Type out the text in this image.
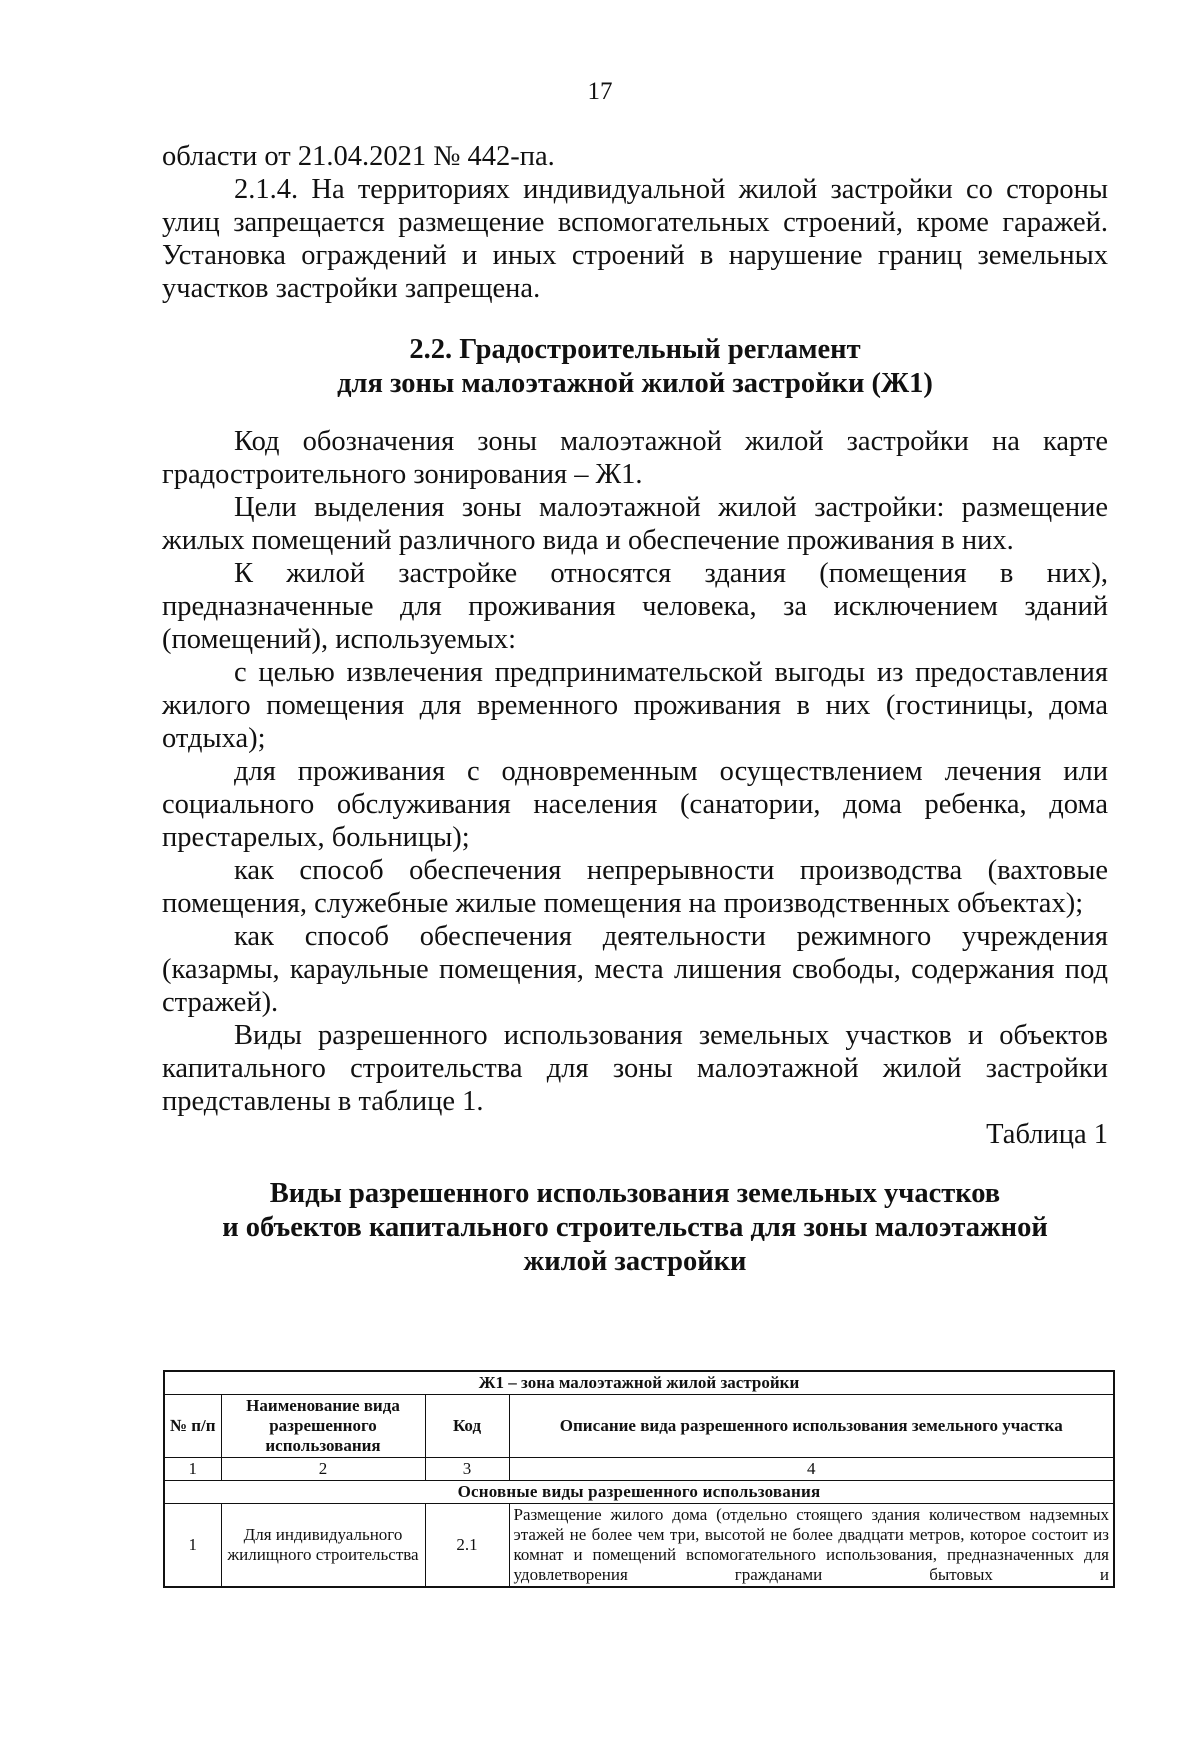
17

области от 21.04.2021 № 442-па.

2.1.4. На территориях индивидуальной жилой застройки со стороны улиц запрещается размещение вспомогательных строений, кроме гаражей. Установка ограждений и иных строений в нарушение границ земельных участков застройки запрещена.

2.2. Градостроительный регламент
для зоны малоэтажной жилой застройки (Ж1)

Код обозначения зоны малоэтажной жилой застройки на карте градостроительного зонирования – Ж1.

Цели выделения зоны малоэтажной жилой застройки: размещение жилых помещений различного вида и обеспечение проживания в них.

К жилой застройке относятся здания (помещения в них), предназначенные для проживания человека, за исключением зданий (помещений), используемых:

с целью извлечения предпринимательской выгоды из предоставления жилого помещения для временного проживания в них (гостиницы, дома отдыха);

для проживания с одновременным осуществлением лечения или социального обслуживания населения (санатории, дома ребенка, дома престарелых, больницы);

как способ обеспечения непрерывности производства (вахтовые помещения, служебные жилые помещения на производственных объектах);

как способ обеспечения деятельности режимного учреждения (казармы, караульные помещения, места лишения свободы, содержания под стражей).

Виды разрешенного использования земельных участков и объектов капитального строительства для зоны малоэтажной жилой застройки представлены в таблице 1.

Таблица 1

Виды разрешенного использования земельных участков
и объектов капитального строительства для зоны малоэтажной
жилой застройки
Ж1 – зона малоэтажной жилой застройки			
№ п/п	Наименование вида разрешенного использования	Код	Описание вида разрешенного использования земельного участка
1	2	3	4
Основные виды разрешенного использования			
1	Для индивидуального жилищного строительства	2.1	Размещение жилого дома (отдельно стоящего здания количеством надземных этажей не более чем три, высотой не более двадцати метров, которое состоит из комнат и помещений вспомогательного использования, предназначенных для удовлетворения гражданами бытовых и
